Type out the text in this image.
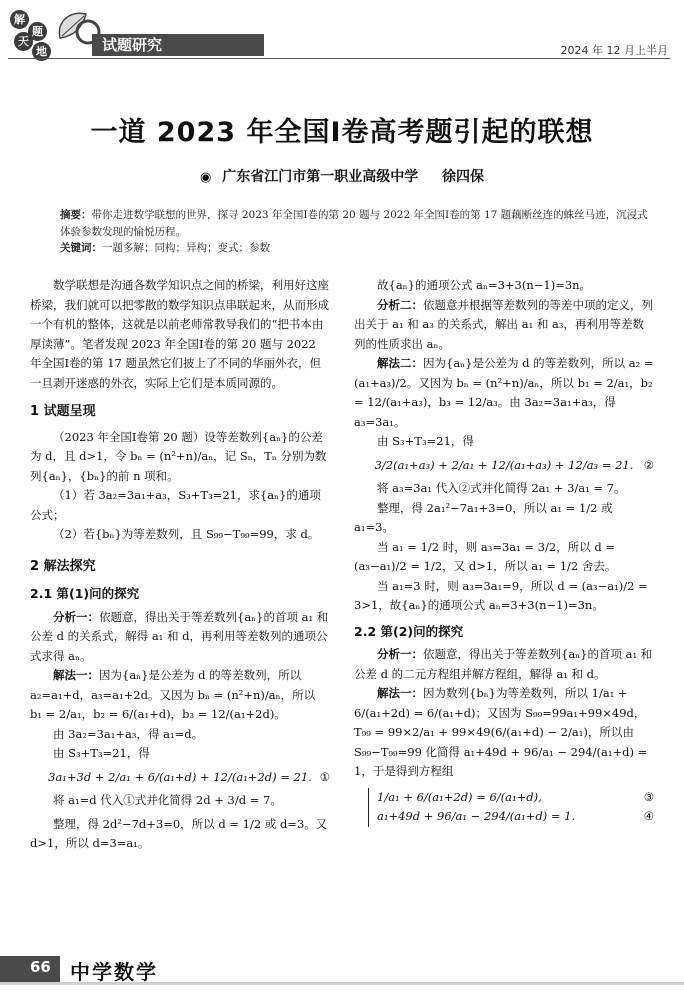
解
题
天
地	试题研究	2024 年 12 月上半月
一道 2023 年全国Ⅰ卷高考题引起的联想
◉ 广东省江门市第一职业高级中学 徐四保
摘要：带你走进数学联想的世界，探寻 2023 年全国Ⅰ卷的第 20 题与 2022 年全国Ⅰ卷的第 17 题藕断丝连的蛛丝马迹，沉浸式体验参数发现的愉悦历程。
关键词：一题多解；同构；异构；变式；参数

数学联想是沟通各数学知识点之间的桥梁，利用好这座桥梁，我们就可以把零散的数学知识点串联起来，从而形成一个有机的整体，这就是以前老师常教导我们的“把书本由厚读薄”。笔者发现 2023 年全国Ⅰ卷的第 20 题与 2022 年全国Ⅰ卷的第 17 题虽然它们披上了不同的华丽外衣，但一旦剥开迷惑的外衣，实际上它们是本质同源的。

1 试题呈现

（2023 年全国Ⅰ卷第 20 题）设等差数列{aₙ}的公差为 d，且 d>1，令 bₙ = (n²+n)/aₙ，记 Sₙ，Tₙ 分别为数列{aₙ}，{bₙ}的前 n 项和。

（1）若 3a₂=3a₁+a₃，S₃+T₃=21，求{aₙ}的通项公式；

（2）若{bₙ}为等差数列，且 S₉₉−T₉₉=99，求 d。

2 解法探究
2.1 第(1)问的探究

分析一：依题意，得出关于等差数列{aₙ}的首项 a₁ 和公差 d 的关系式，解得 a₁ 和 d，再利用等差数列的通项公式求得 aₙ。

解法一：因为{aₙ}是公差为 d 的等差数列，所以 a₂=a₁+d，a₃=a₁+2d。又因为 bₙ = (n²+n)/aₙ，所以 b₁ = 2/a₁，b₂ = 6/(a₁+d)，b₃ = 12/(a₁+2d)。

由 3a₂=3a₁+a₃，得 a₁=d。

由 S₃+T₃=21，得

3a₁+3d + 2/a₁ + 6/(a₁+d) + 12/(a₁+2d) = 21. ①

将 a₁=d 代入①式并化简得 2d + 3/d = 7。

整理，得 2d²−7d+3=0，所以 d = 1/2 或 d=3。又 d>1，所以 d=3=a₁。

故{aₙ}的通项公式 aₙ=3+3(n−1)=3n。

分析二：依题意并根据等差数列的等差中项的定义，列出关于 a₁ 和 a₃ 的关系式，解出 a₁ 和 a₃，再利用等差数列的性质求出 aₙ。

解法二：因为{aₙ}是公差为 d 的等差数列，所以 a₂ = (a₁+a₃)/2。又因为 bₙ = (n²+n)/aₙ，所以 b₁ = 2/a₁，b₂ = 12/(a₁+a₃)，b₃ = 12/a₃。由 3a₂=3a₁+a₃，得 a₃=3a₁。

由 S₃+T₃=21，得

3/2(a₁+a₃) + 2/a₁ + 12/(a₁+a₃) + 12/a₃ = 21. ②

将 a₃=3a₁ 代入②式并化简得 2a₁ + 3/a₁ = 7。

整理，得 2a₁²−7a₁+3=0，所以 a₁ = 1/2 或 a₁=3。

当 a₁ = 1/2 时，则 a₃=3a₁ = 3/2，所以 d = (a₃−a₁)/2 = 1/2，又 d>1，所以 a₁ = 1/2 舍去。

当 a₁=3 时，则 a₃=3a₁=9，所以 d = (a₃−a₁)/2 = 3>1，故{aₙ}的通项公式 aₙ=3+3(n−1)=3n。

2.2 第(2)问的探究

分析一：依题意，得出关于等差数列{aₙ}的首项 a₁ 和公差 d 的二元方程组并解方程组，解得 a₁ 和 d。

解法一：因为数列{bₙ}为等差数列，所以 1/a₁ + 6/(a₁+2d) = 6/(a₁+d)；又因为 S₉₉=99a₁+99×49d，T₉₉ = 99×2/a₁ + 99×49(6/(a₁+d) − 2/a₁)，所以由 S₉₉−T₉₉=99 化简得 a₁+49d + 96/a₁ − 294/(a₁+d) = 1，于是得到方程组

1/a₁ + 6/(a₁+2d) = 6/(a₁+d),	③
a₁+49d + 96/a₁ − 294/(a₁+d) = 1.	④
66 中学数学
